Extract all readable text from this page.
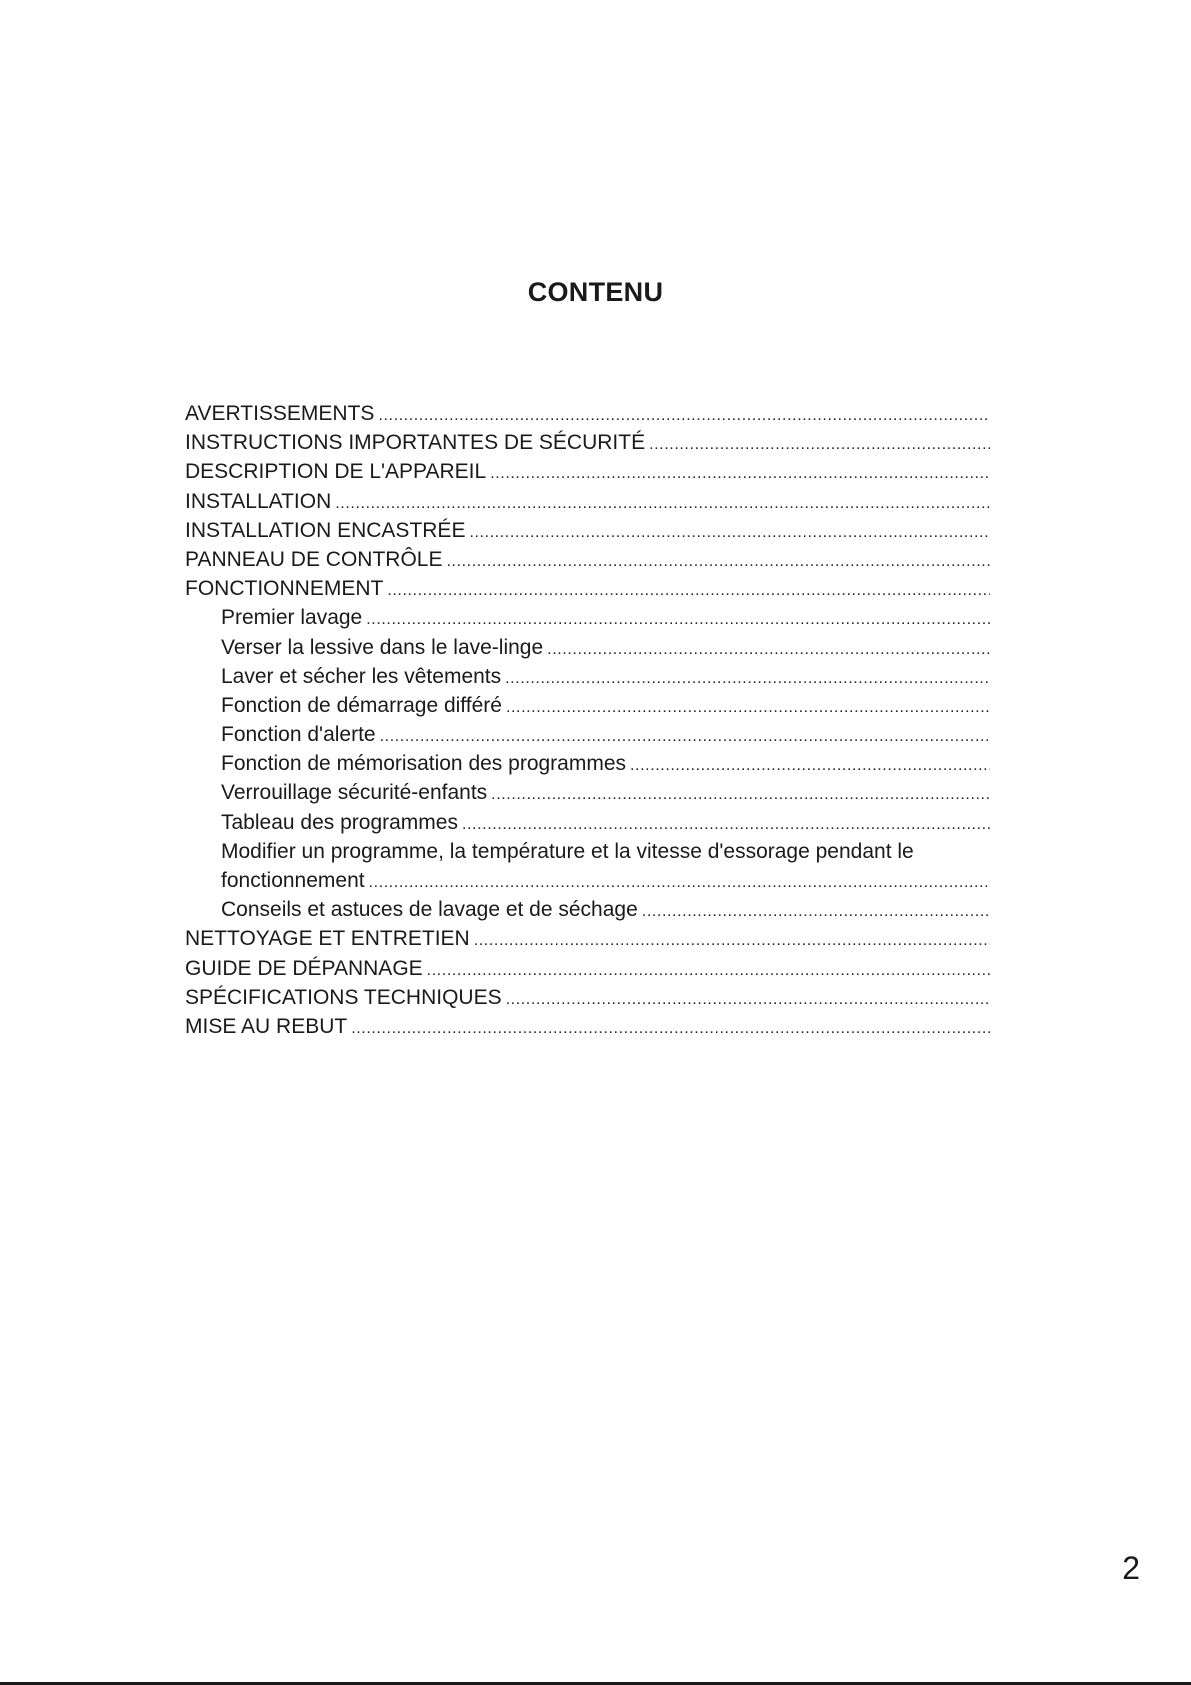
CONTENU
AVERTISSEMENTS
.....
INSTRUCTIONS IMPORTANTES DE SÉCURITÉ
.....
DESCRIPTION DE L'APPAREIL
.....
INSTALLATION
.....
INSTALLATION ENCASTRÉE
.....
PANNEAU DE CONTRÔLE
.....
FONCTIONNEMENT
.....
Premier lavage
.....
Verser la lessive dans le lave-linge
.....
Laver et sécher les vêtements
.....
Fonction de démarrage différé
.....
Fonction d'alerte
.....
Fonction de mémorisation des programmes
.....
Verrouillage sécurité-enfants
.....
Tableau des programmes
.....
Modifier un programme, la température et la vitesse d'essorage pendant le
fonctionnement
.....
Conseils et astuces de lavage et de séchage
.....
NETTOYAGE ET ENTRETIEN
.....
GUIDE DE DÉPANNAGE
.....
SPÉCIFICATIONS TECHNIQUES
.....
MISE AU REBUT
.....
2
